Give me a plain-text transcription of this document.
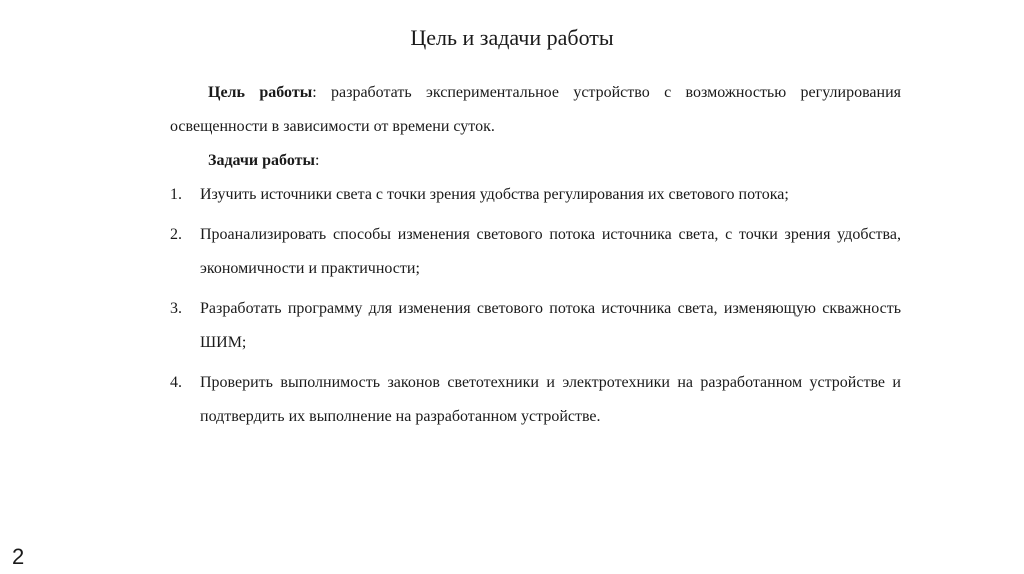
Цель и задачи работы

Цель работы: разработать экспериментальное устройство с возможностью регулирования освещенности в зависимости от времени суток.

Задачи работы:

1.	Изучить источники света с точки зрения удобства регулирования их светового потока;
2.	Проанализировать способы изменения светового потока источника света, с точки зрения удобства, экономичности и практичности;
3.	Разработать программу для изменения светового потока источника света, изменяющую скважность ШИМ;
4.	Проверить выполнимость законов светотехники и электротехники на разработанном устройстве и подтвердить их выполнение на разработанном устройстве.
2
